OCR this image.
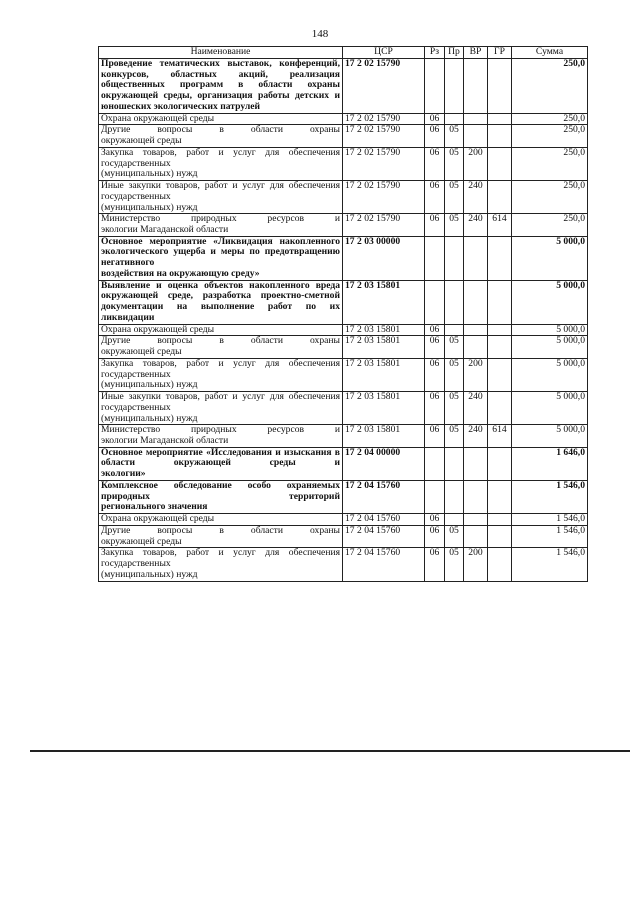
148
Наименование	ЦСР	Рз	Пр	ВР	ГР	Сумма
Проведение тематических выставок, конференций, конкурсов, областных акций, реализация общественных программ в области охраны окружающей среды, организация работы детских и
юношеских экологических патрулей	17 2 02 15790					250,0

Охрана окружающей среды	17 2 02 15790	06				250,0
Другие вопросы в области охраны
окружающей среды	17 2 02 15790	06	05			250,0
Закупка товаров, работ и услуг для обеспечения государственных
(муниципальных) нужд	17 2 02 15790	06	05	200		250,0
Иные закупки товаров, работ и услуг для обеспечения государственных
(муниципальных) нужд	17 2 02 15790	06	05	240		250,0
Министерство природных ресурсов и
экологии Магаданской области	17 2 02 15790	06	05	240	614	250,0
Основное мероприятие «Ликвидация накопленного экологического ущерба и меры по предотвращению негативного
воздействия на окружающую среду»	17 2 03 00000					5 000,0
Выявление и оценка объектов накопленного вреда окружающей среде, разработка проектно-сметной документации на выполнение работ по их
ликвидации	17 2 03 15801					5 000,0

Охрана окружающей среды	17 2 03 15801	06				5 000,0
Другие вопросы в области охраны
окружающей среды	17 2 03 15801	06	05			5 000,0
Закупка товаров, работ и услуг для обеспечения государственных
(муниципальных) нужд	17 2 03 15801	06	05	200		5 000,0
Иные закупки товаров, работ и услуг для обеспечения государственных
(муниципальных) нужд	17 2 03 15801	06	05	240		5 000,0
Министерство природных ресурсов и
экологии Магаданской области	17 2 03 15801	06	05	240	614	5 000,0
Основное мероприятие «Исследования и изыскания в области окружающей среды и
экологии»	17 2 04 00000					1 646,0
Комплексное обследование особо охраняемых природных территорий
регионального значения	17 2 04 15760					1 546,0

Охрана окружающей среды	17 2 04 15760	06				1 546,0
Другие вопросы в области охраны
окружающей среды	17 2 04 15760	06	05			1 546,0
Закупка товаров, работ и услуг для обеспечения государственных
(муниципальных) нужд	17 2 04 15760	06	05	200		1 546,0
